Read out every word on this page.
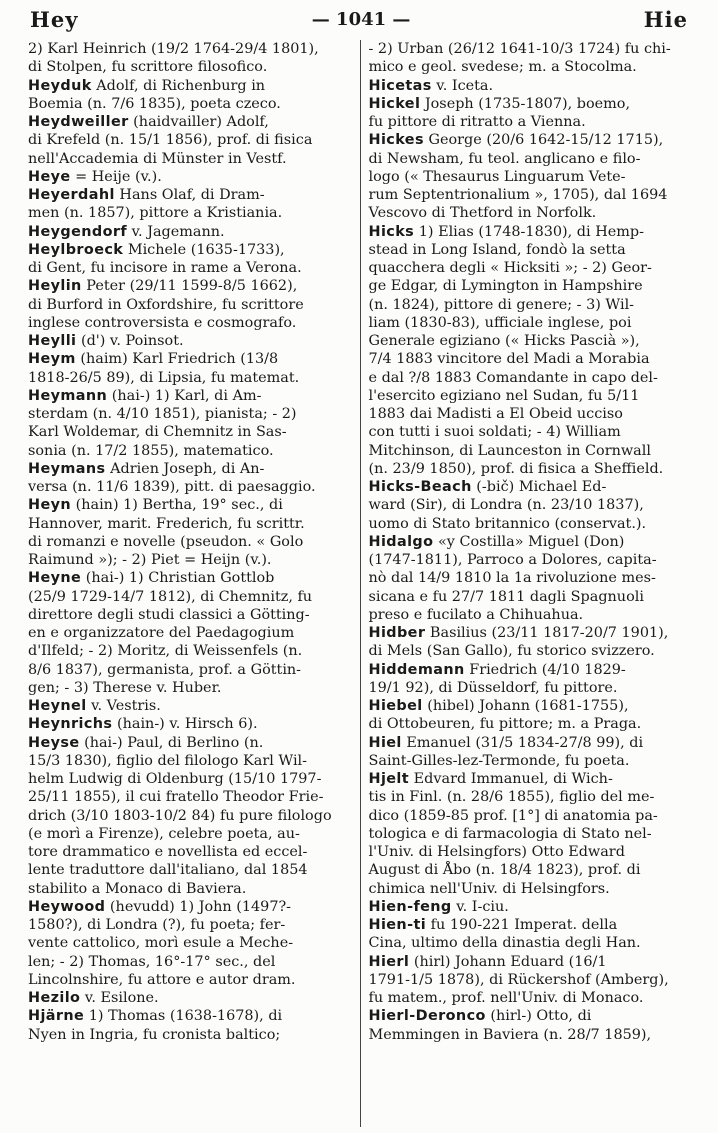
Hey	— 1041 —	Hie
2) Karl Heinrich (19/2 1764-29/4 1801),
di Stolpen, fu scrittore filosofico.
Heyduk Adolf, di Richenburg in
Boemia (n. 7/6 1835), poeta czeco.
Heydweiller (haidvailler) Adolf,
di Krefeld (n. 15/1 1856), prof. di fisica
nell'Accademia di Münster in Vestf.
Heye = Heije (v.).
Heyerdahl Hans Olaf, di Dram-
men (n. 1857), pittore a Kristiania.
Heygendorf v. Jagemann.
Heylbroeck Michele (1635-1733),
di Gent, fu incisore in rame a Verona.
Heylin Peter (29/11 1599-8/5 1662),
di Burford in Oxfordshire, fu scrittore
inglese controversista e cosmografo.
Heylli (d') v. Poinsot.
Heym (haim) Karl Friedrich (13/8
1818-26/5 89), di Lipsia, fu matemat.
Heymann (hai-) 1) Karl, di Am-
sterdam (n. 4/10 1851), pianista; - 2)
Karl Woldemar, di Chemnitz in Sas-
sonia (n. 17/2 1855), matematico.
Heymans Adrien Joseph, di An-
versa (n. 11/6 1839), pitt. di paesaggio.
Heyn (hain) 1) Bertha, 19° sec., di
Hannover, marit. Frederich, fu scrittr.
di romanzi e novelle (pseudon. « Golo
Raimund »); - 2) Piet = Heijn (v.).
Heyne (hai-) 1) Christian Gottlob
(25/9 1729-14/7 1812), di Chemnitz, fu
direttore degli studi classici a Götting-
en e organizzatore del Paedagogium
d'Ilfeld; - 2) Moritz, di Weissenfels (n.
8/6 1837), germanista, prof. a Göttin-
gen; - 3) Therese v. Huber.
Heynel v. Vestris.
Heynrichs (hain-) v. Hirsch 6).
Heyse (hai-) Paul, di Berlino (n.
15/3 1830), figlio del filologo Karl Wil-
helm Ludwig di Oldenburg (15/10 1797-
25/11 1855), il cui fratello Theodor Frie-
drich (3/10 1803-10/2 84) fu pure filologo
(e morì a Firenze), celebre poeta, au-
tore drammatico e novellista ed eccel-
lente traduttore dall'italiano, dal 1854
stabilito a Monaco di Baviera.
Heywood (hevudd) 1) John (1497?-
1580?), di Londra (?), fu poeta; fer-
vente cattolico, morì esule a Meche-
len; - 2) Thomas, 16°-17° sec., del
Lincolnshire, fu attore e autor dram.
Hezilo v. Esilone.
Hjärne 1) Thomas (1638-1678), di
Nyen in Ingria, fu cronista baltico;
- 2) Urban (26/12 1641-10/3 1724) fu chi-
mico e geol. svedese; m. a Stocolma.
Hicetas v. Iceta.
Hickel Joseph (1735-1807), boemo,
fu pittore di ritratto a Vienna.
Hickes George (20/6 1642-15/12 1715),
di Newsham, fu teol. anglicano e filo-
logo (« Thesaurus Linguarum Vete-
rum Septentrionalium », 1705), dal 1694
Vescovo di Thetford in Norfolk.
Hicks 1) Elias (1748-1830), di Hemp-
stead in Long Island, fondò la setta
quacchera degli « Hicksiti »; - 2) Geor-
ge Edgar, di Lymington in Hampshire
(n. 1824), pittore di genere; - 3) Wil-
liam (1830-83), ufficiale inglese, poi
Generale egiziano (« Hicks Pascià »),
7/4 1883 vincitore del Madi a Morabia
e dal ?/8 1883 Comandante in capo del-
l'esercito egiziano nel Sudan, fu 5/11
1883 dai Madisti a El Obeid ucciso
con tutti i suoi soldati; - 4) William
Mitchinson, di Launceston in Cornwall
(n. 23/9 1850), prof. di fisica a Sheffield.
Hicks-Beach (-bič) Michael Ed-
ward (Sir), di Londra (n. 23/10 1837),
uomo di Stato britannico (conservat.).
Hidalgo «y Costilla» Miguel (Don)
(1747-1811), Parroco a Dolores, capita-
nò dal 14/9 1810 la 1a rivoluzione mes-
sicana e fu 27/7 1811 dagli Spagnuoli
preso e fucilato a Chihuahua.
Hidber Basilius (23/11 1817-20/7 1901),
di Mels (San Gallo), fu storico svizzero.
Hiddemann Friedrich (4/10 1829-
19/1 92), di Düsseldorf, fu pittore.
Hiebel (hibel) Johann (1681-1755),
di Ottobeuren, fu pittore; m. a Praga.
Hiel Emanuel (31/5 1834-27/8 99), di
Saint-Gilles-lez-Termonde, fu poeta.
Hjelt Edvard Immanuel, di Wich-
tis in Finl. (n. 28/6 1855), figlio del me-
dico (1859-85 prof. [1°] di anatomia pa-
tologica e di farmacologia di Stato nel-
l'Univ. di Helsingfors) Otto Edward
August di Åbo (n. 18/4 1823), prof. di
chimica nell'Univ. di Helsingfors.
Hien-feng v. I-ciu.
Hien-ti fu 190-221 Imperat. della
Cina, ultimo della dinastia degli Han.
Hierl (hirl) Johann Eduard (16/1
1791-1/5 1878), di Rückershof (Amberg),
fu matem., prof. nell'Univ. di Monaco.
Hierl-Deronco (hirl-) Otto, di
Memmingen in Baviera (n. 28/7 1859),
